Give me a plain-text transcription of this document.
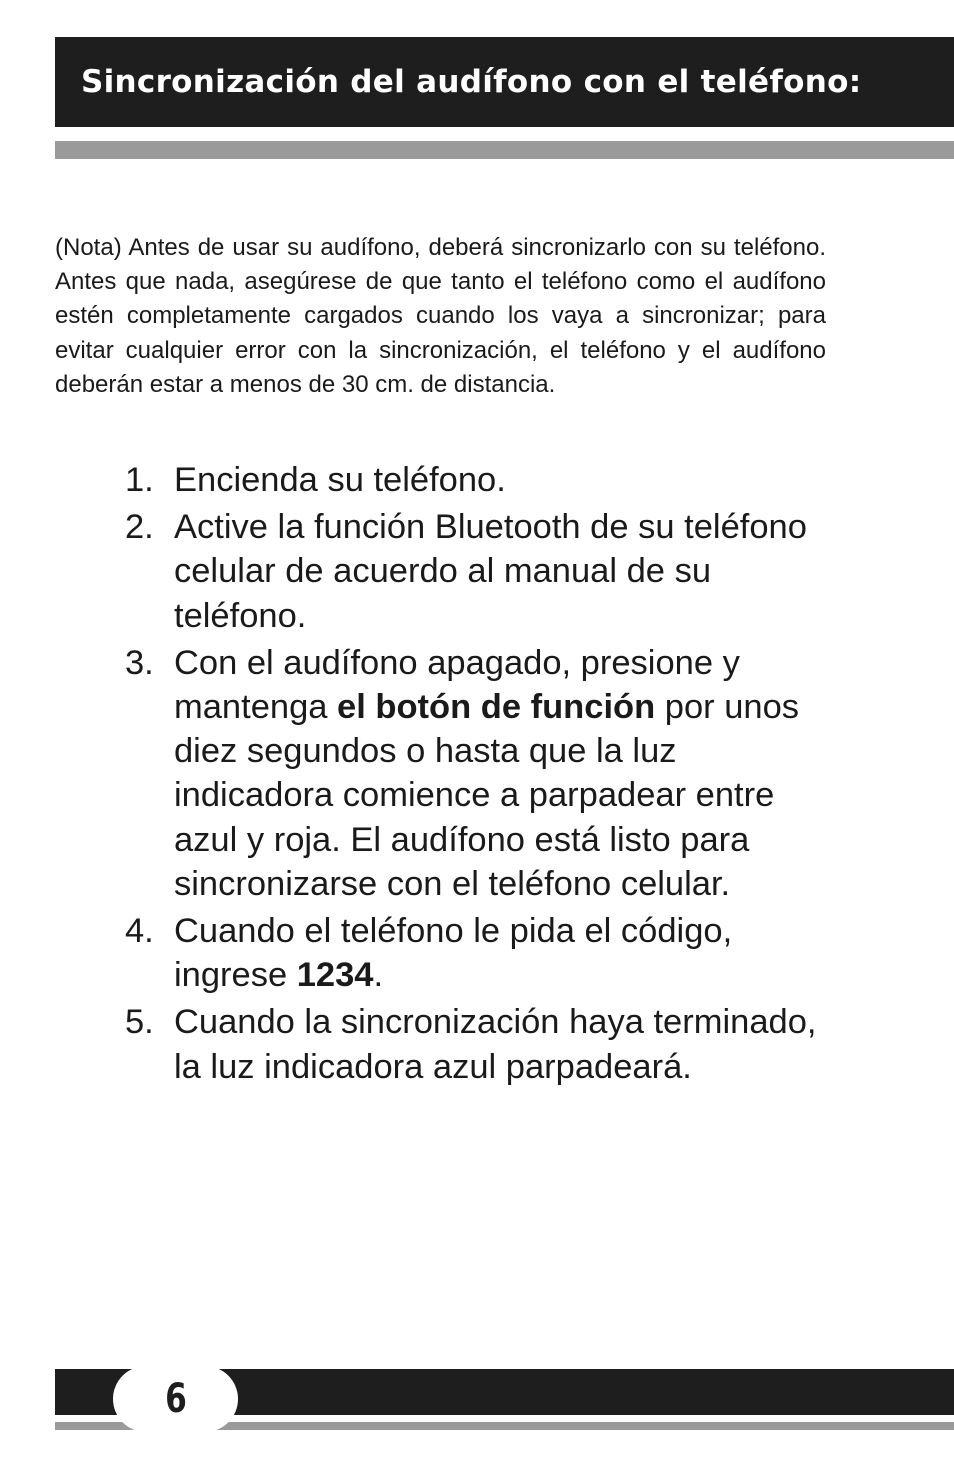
Sincronización del audífono con el teléfono:

(Nota) Antes de usar su audífono, deberá sincronizarlo con su teléfono. Antes que nada, asegúrese de que tanto el teléfono como el audífono estén completamente cargados cuando los vaya a sincronizar; para evitar cualquier error con la sincronización, el teléfono y el audífono deberán estar a menos de 30 cm. de distancia.

1. Encienda su teléfono.
2. Active la función Bluetooth de su teléfono celular de acuerdo al manual de su teléfono.
3. Con el audífono apagado, presione y mantenga el botón de función por unos diez segundos o hasta que la luz indicadora comience a parpadear entre azul y roja. El audífono está listo para sincronizarse con el teléfono celular.
4. Cuando el teléfono le pida el código, ingrese 1234.
5. Cuando la sincronización haya terminado, la luz indicadora azul parpadeará.
6
